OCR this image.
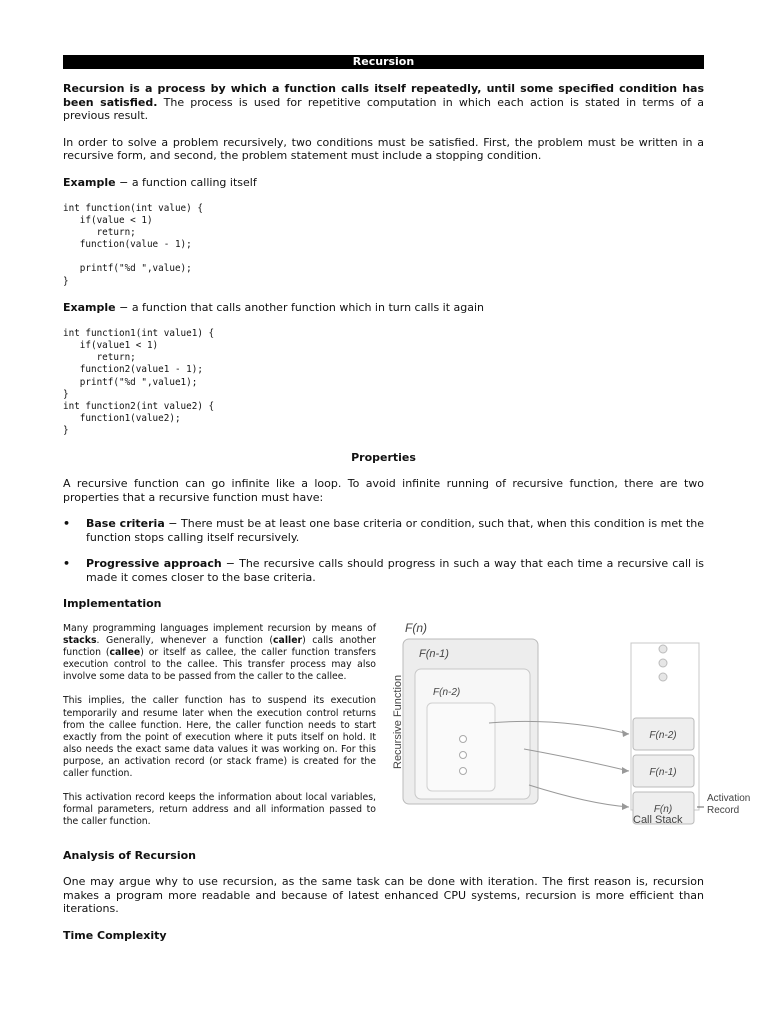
Recursion

Recursion is a process by which a function calls itself repeatedly, until some specified condition has been satisfied. The process is used for repetitive computation in which each action is stated in terms of a previous result.

In order to solve a problem recursively, two conditions must be satisfied. First, the problem must be written in a recursive form, and second, the problem statement must include a stopping condition.

Example − a function calling itself

int function(int value) {
if(value < 1)
return;
function(value - 1);

printf("%d ",value);
}

Example − a function that calls another function which in turn calls it again

int function1(int value1) {
if(value1 < 1)
return;
function2(value1 - 1);
printf("%d ",value1);
}
int function2(int value2) {
function1(value2);
}
Properties

A recursive function can go infinite like a loop. To avoid infinite running of recursive function, there are two properties that a recursive function must have:

• Base criteria − There must be at least one base criteria or condition, such that, when this condition is met the function stops calling itself recursively.
• Progressive approach − The recursive calls should progress in such a way that each time a recursive call is made it comes closer to the base criteria.
Implementation

Many programming languages implement recursion by means of stacks. Generally, whenever a function (caller) calls another function (callee) or itself as callee, the caller function transfers execution control to the callee. This transfer process may also involve some data to be passed from the caller to the callee.

This implies, the caller function has to suspend its execution temporarily and resume later when the execution control returns from the callee function. Here, the caller function needs to start exactly from the point of execution where it puts itself on hold. It also needs the exact same data values it was working on. For this purpose, an activation record (or stack frame) is created for the caller function.

This activation record keeps the information about local variables, formal parameters, return address and all information passed to the caller function.

F(n)
F(n-1)
F(n-2)
Recursive Function	F(n-2)
F(n-1)
F(n)
Activation
Record
Call Stack
Analysis of Recursion

One may argue why to use recursion, as the same task can be done with iteration. The first reason is, recursion makes a program more readable and because of latest enhanced CPU systems, recursion is more efficient than iterations.

Time Complexity
